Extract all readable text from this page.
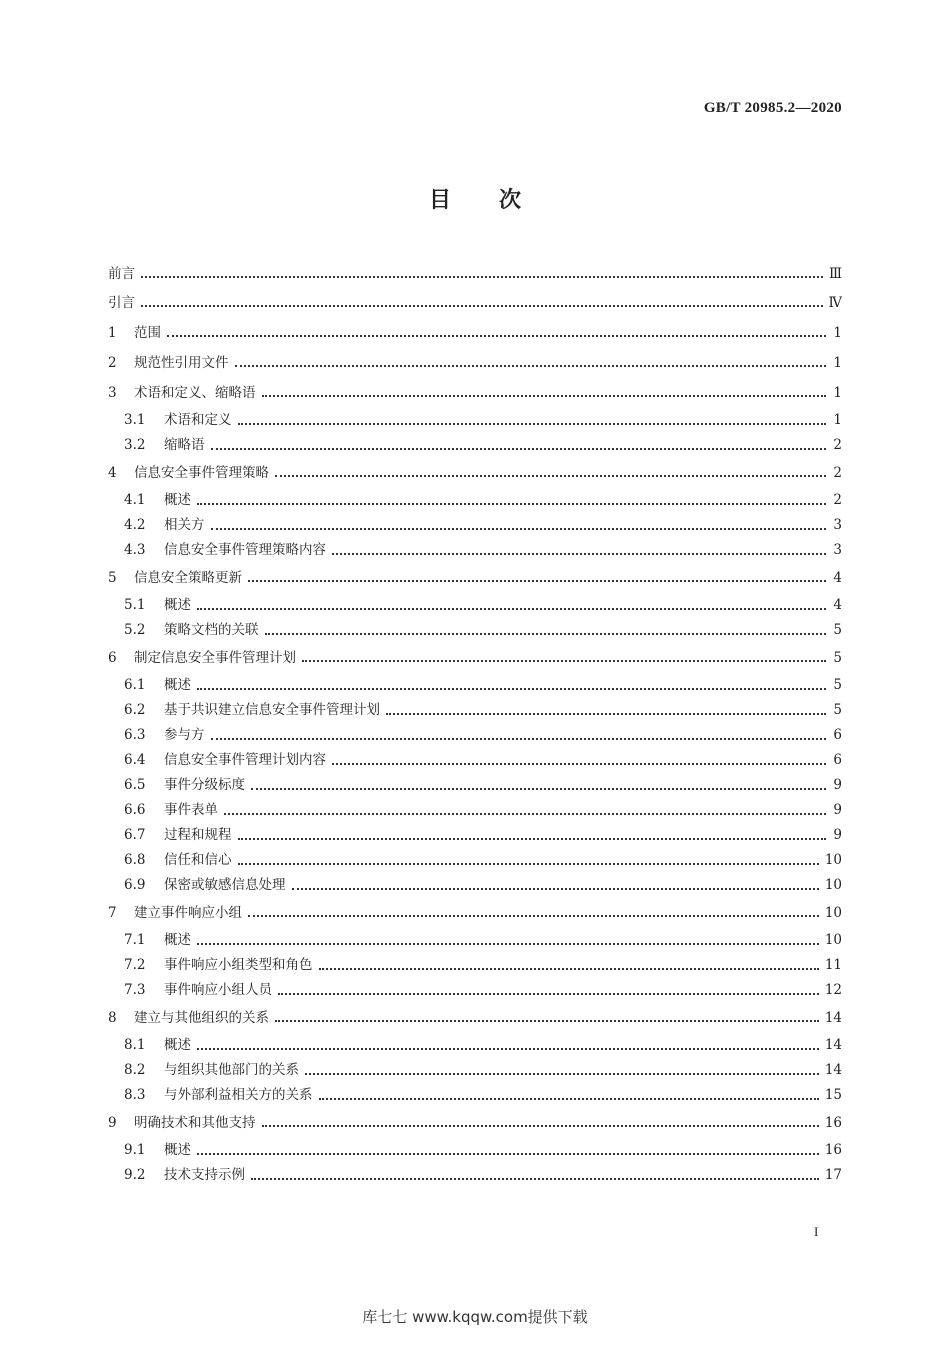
GB/T 20985.2—2020
目次
前言	Ⅲ
引言	Ⅳ
1	范围	1
2	规范性引用文件	1
3	术语和定义、缩略语	1
3.1	术语和定义	1
3.2	缩略语	2
4	信息安全事件管理策略	2
4.1	概述	2
4.2	相关方	3
4.3	信息安全事件管理策略内容	3
5	信息安全策略更新	4
5.1	概述	4
5.2	策略文档的关联	5
6	制定信息安全事件管理计划	5
6.1	概述	5
6.2	基于共识建立信息安全事件管理计划	5
6.3	参与方	6
6.4	信息安全事件管理计划内容	6
6.5	事件分级标度	9
6.6	事件表单	9
6.7	过程和规程	9
6.8	信任和信心	10
6.9	保密或敏感信息处理	10
7	建立事件响应小组	10
7.1	概述	10
7.2	事件响应小组类型和角色	11
7.3	事件响应小组人员	12
8	建立与其他组织的关系	14
8.1	概述	14
8.2	与组织其他部门的关系	14
8.3	与外部利益相关方的关系	15
9	明确技术和其他支持	16
9.1	概述	16
9.2	技术支持示例	17
I
库七七 www.kqqw.com提供下载
